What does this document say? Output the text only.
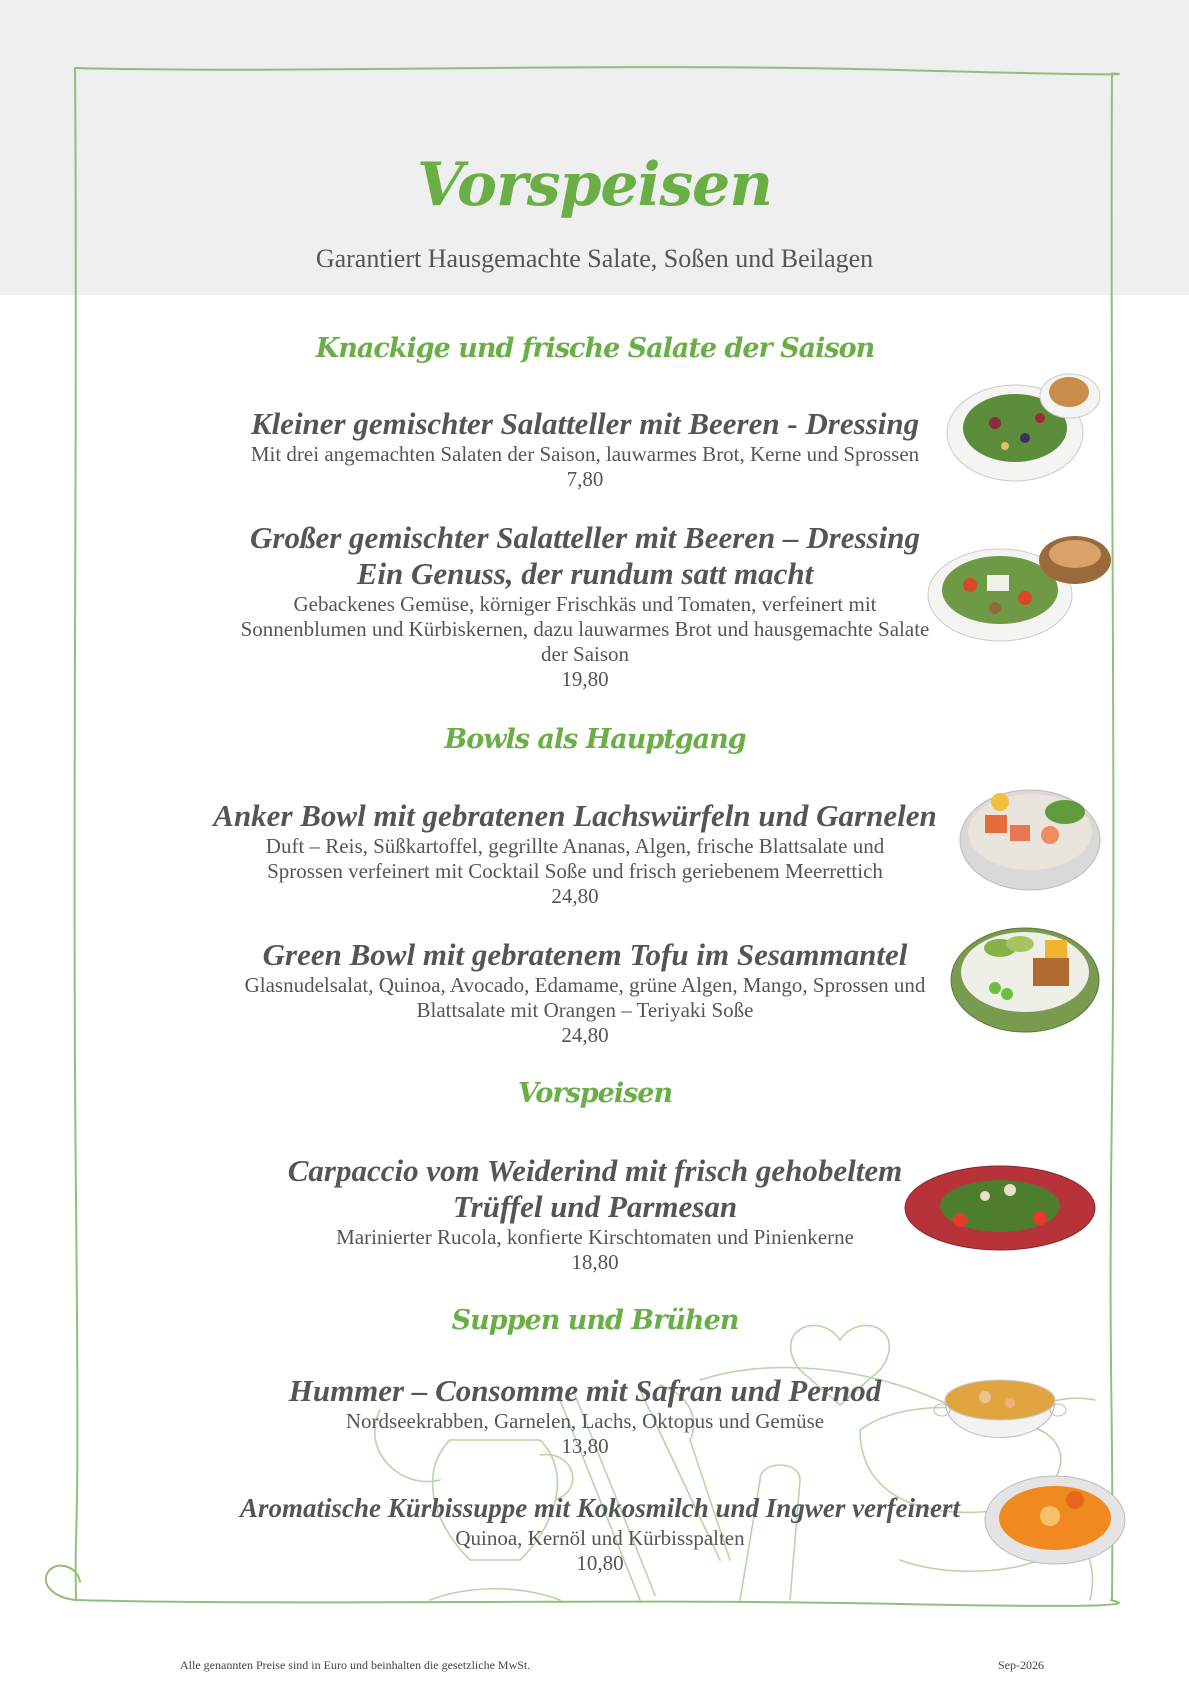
Vorspeisen
Garantiert Hausgemachte Salate, Soßen und Beilagen
Knackige und frische Salate der Saison
Kleiner gemischter Salatteller mit Beeren - Dressing
Mit drei angemachten Salaten der Saison, lauwarmes Brot, Kerne und Sprossen
7,80
Großer gemischter Salatteller mit Beeren – Dressing Ein Genuss, der rundum satt macht
Gebackenes Gemüse, körniger Frischkäs und Tomaten, verfeinert mit Sonnenblumen und Kürbiskernen, dazu lauwarmes Brot und hausgemachte Salate der Saison
19,80
Bowls als Hauptgang
Anker Bowl mit gebratenen Lachswürfeln und Garnelen
Duft – Reis, Süßkartoffel, gegrillte Ananas, Algen, frische Blattsalate und Sprossen verfeinert mit Cocktail Soße und frisch geriebenem Meerrettich
24,80
Green Bowl mit gebratenem Tofu im Sesammantel
Glasnudelsalat, Quinoa, Avocado, Edamame, grüne Algen, Mango, Sprossen und Blattsalate mit Orangen – Teriyaki Soße
24,80
Vorspeisen
Carpaccio vom Weiderind mit frisch gehobeltem Trüffel und Parmesan
Marinierter Rucola, konfierte Kirschtomaten und Pinienkerne
18,80
Suppen und Brühen
Hummer – Consomme mit Safran und Pernod
Nordseekrabben, Garnelen, Lachs, Oktopus und Gemüse
13,80
Aromatische Kürbissuppe mit Kokosmilch und Ingwer verfeinert
Quinoa, Kernöl und Kürbisspalten
10,80
Alle genannten Preise sind in Euro und beinhalten die gesetzliche MwSt.	Sep-2026
